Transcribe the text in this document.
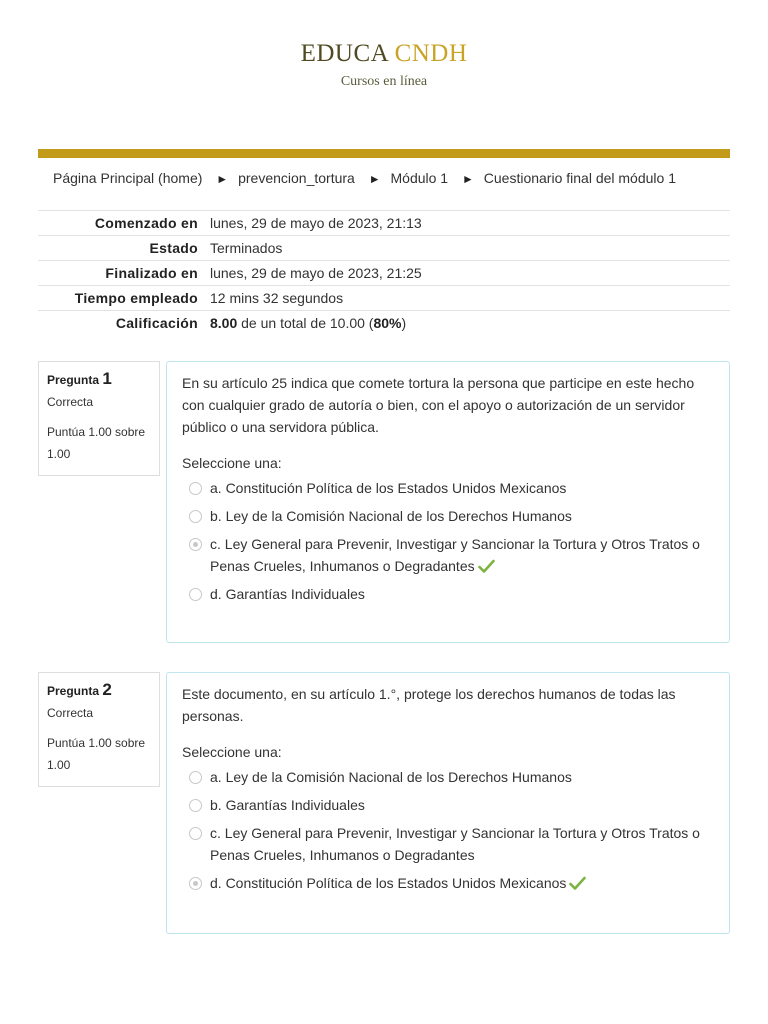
EDUCA CNDH
Cursos en línea
Página Principal (home) ► prevencion_tortura ► Módulo 1 ► Cuestionario final del módulo 1
Comenzado en	lunes, 29 de mayo de 2023, 21:13
Estado	Terminados
Finalizado en	lunes, 29 de mayo de 2023, 21:25
Tiempo empleado	12 mins 32 segundos
Calificación	8.00 de un total de 10.00 (80%)
Pregunta 1
Correcta
Puntúa 1.00 sobre 1.00
En su artículo 25 indica que comete tortura la persona que participe en este hecho con cualquier grado de autoría o bien, con el apoyo o autorización de un servidor público o una servidora pública.
Seleccione una:
a. Constitución Política de los Estados Unidos Mexicanos
b. Ley de la Comisión Nacional de los Derechos Humanos
c. Ley General para Prevenir, Investigar y Sancionar la Tortura y Otros Tratos o Penas Crueles, Inhumanos o Degradantes
d. Garantías Individuales
Pregunta 2
Correcta
Puntúa 1.00 sobre 1.00
Este documento, en su artículo 1.°, protege los derechos humanos de todas las personas.
Seleccione una:
a. Ley de la Comisión Nacional de los Derechos Humanos
b. Garantías Individuales
c. Ley General para Prevenir, Investigar y Sancionar la Tortura y Otros Tratos o Penas Crueles, Inhumanos o Degradantes
d. Constitución Política de los Estados Unidos Mexicanos
